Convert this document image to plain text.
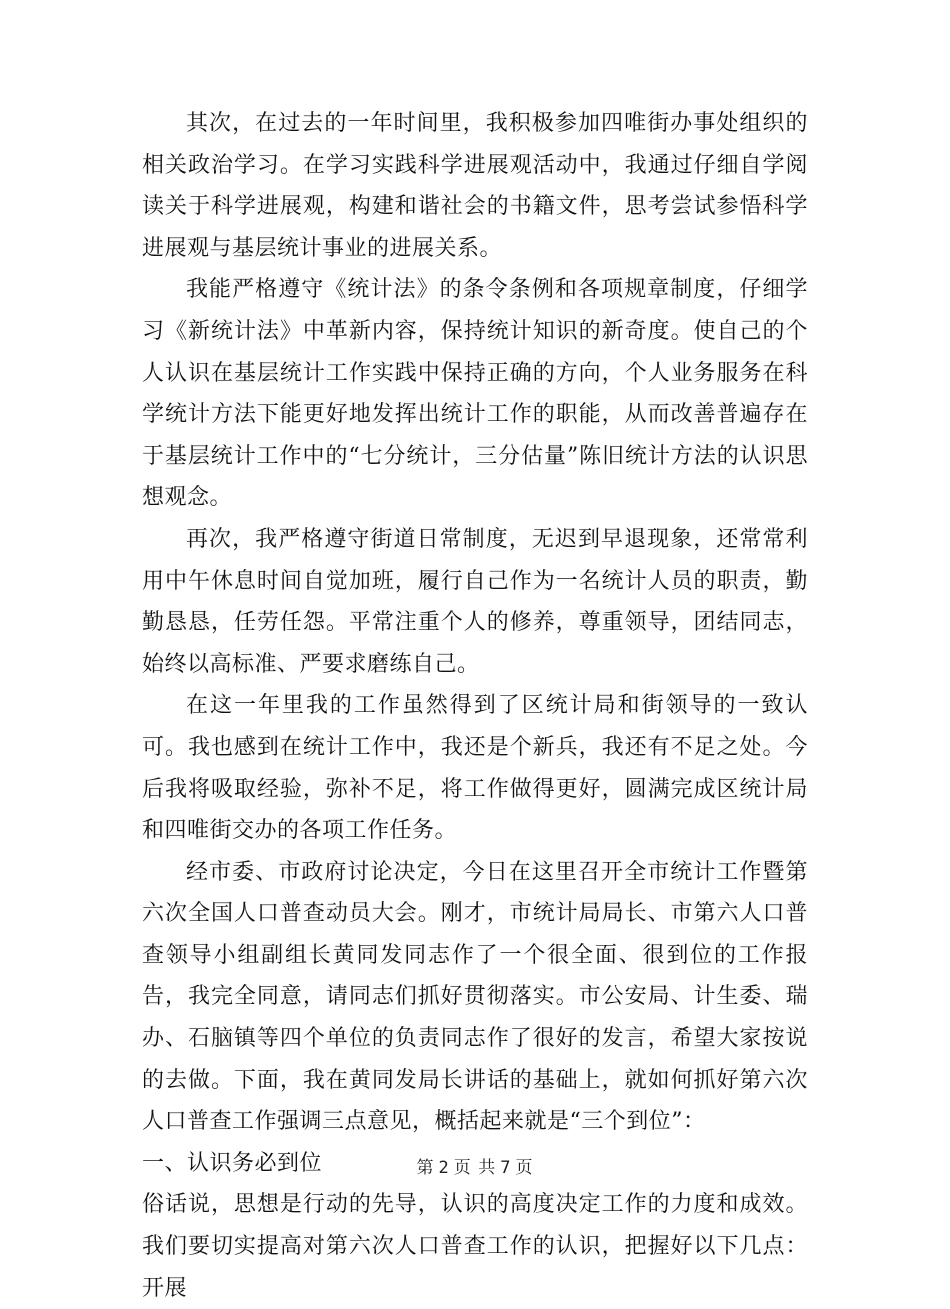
其次，在过去的一年时间里，我积极参加四唯街办事处组织的相关政治学习。在学习实践科学进展观活动中，我通过仔细自学阅读关于科学进展观，构建和谐社会的书籍文件，思考尝试参悟科学进展观与基层统计事业的进展关系。

我能严格遵守《统计法》的条令条例和各项规章制度，仔细学习《新统计法》中革新内容，保持统计知识的新奇度。使自己的个人认识在基层统计工作实践中保持正确的方向，个人业务服务在科学统计方法下能更好地发挥出统计工作的职能，从而改善普遍存在于基层统计工作中的“七分统计，三分估量”陈旧统计方法的认识思想观念。

再次，我严格遵守街道日常制度，无迟到早退现象，还常常利用中午休息时间自觉加班，履行自己作为一名统计人员的职责，勤勤恳恳，任劳任怨。平常注重个人的修养，尊重领导，团结同志，始终以高标准、严要求磨练自己。

在这一年里我的工作虽然得到了区统计局和街领导的一致认可。我也感到在统计工作中，我还是个新兵，我还有不足之处。今后我将吸取经验，弥补不足，将工作做得更好，圆满完成区统计局和四唯街交办的各项工作任务。

经市委、市政府讨论决定，今日在这里召开全市统计工作暨第六次全国人口普查动员大会。刚才，市统计局局长、市第六人口普查领导小组副组长黄同发同志作了一个很全面、很到位的工作报告，我完全同意，请同志们抓好贯彻落实。市公安局、计生委、瑞办、石脑镇等四个单位的负责同志作了很好的发言，希望大家按说的去做。下面，我在黄同发局长讲话的基础上，就如何抓好第六次人口普查工作强调三点意见，概括起来就是“三个到位”：

一、认识务必到位

俗话说，思想是行动的先导，认识的高度决定工作的力度和成效。我们要切实提高对第六次人口普查工作的认识，把握好以下几点：开展

第 2 页 共 7 页
